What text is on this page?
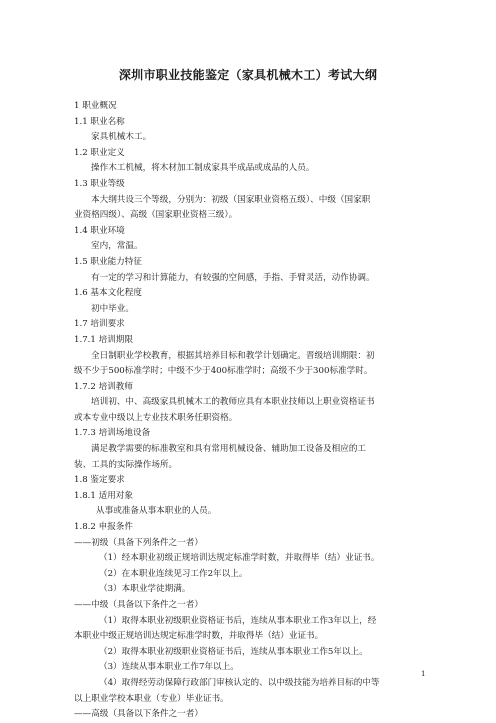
深圳市职业技能鉴定（家具机械木工）考试大纲
1 职业概况
1.1 职业名称
家具机械木工。
1.2 职业定义
操作木工机械，将木材加工制成家具半成品或成品的人员。
1.3 职业等级
本大纲共设三个等级，分别为：初级（国家职业资格五级）、中级（国家职
业资格四级）、高级（国家职业资格三级）。
1.4 职业环境
室内，常温。
1.5 职业能力特征
有一定的学习和计算能力，有较强的空间感，手指、手臂灵活，动作协调。
1.6 基本文化程度
初中毕业。
1.7 培训要求
1.7.1 培训期限
全日制职业学校教育，根据其培养目标和教学计划确定。晋级培训期限：初
级不少于500标准学时；中级不少于400标准学时；高级不少于300标准学时。
1.7.2 培训教师
培训初、中、高级家具机械木工的教师应具有本职业技师以上职业资格证书
或本专业中级以上专业技术职务任职资格。
1.7.3 培训场地设备
满足教学需要的标准教室和具有常用机械设备、辅助加工设备及相应的工
装、工具的实际操作场所。
1.8 鉴定要求
1.8.1 适用对象
从事或准备从事本职业的人员。
1.8.2 申报条件
——初级（具备下列条件之一者）
（1）经本职业初级正规培训达规定标准学时数，并取得毕（结）业证书。
（2）在本职业连续见习工作2年以上。
（3）本职业学徒期满。
——中级（具备以下条件之一者）
（1）取得本职业初级职业资格证书后，连续从事本职业工作3年以上，经
本职业中级正规培训达规定标准学时数，并取得毕（结）业证书。
（2）取得本职业初级职业资格证书后，连续从事本职业工作5年以上。
（3）连续从事本职业工作7年以上。
（4）取得经劳动保障行政部门审核认定的、以中级技能为培养目标的中等
以上职业学校本职业（专业）毕业证书。
——高级（具备以下条件之一者）
1
